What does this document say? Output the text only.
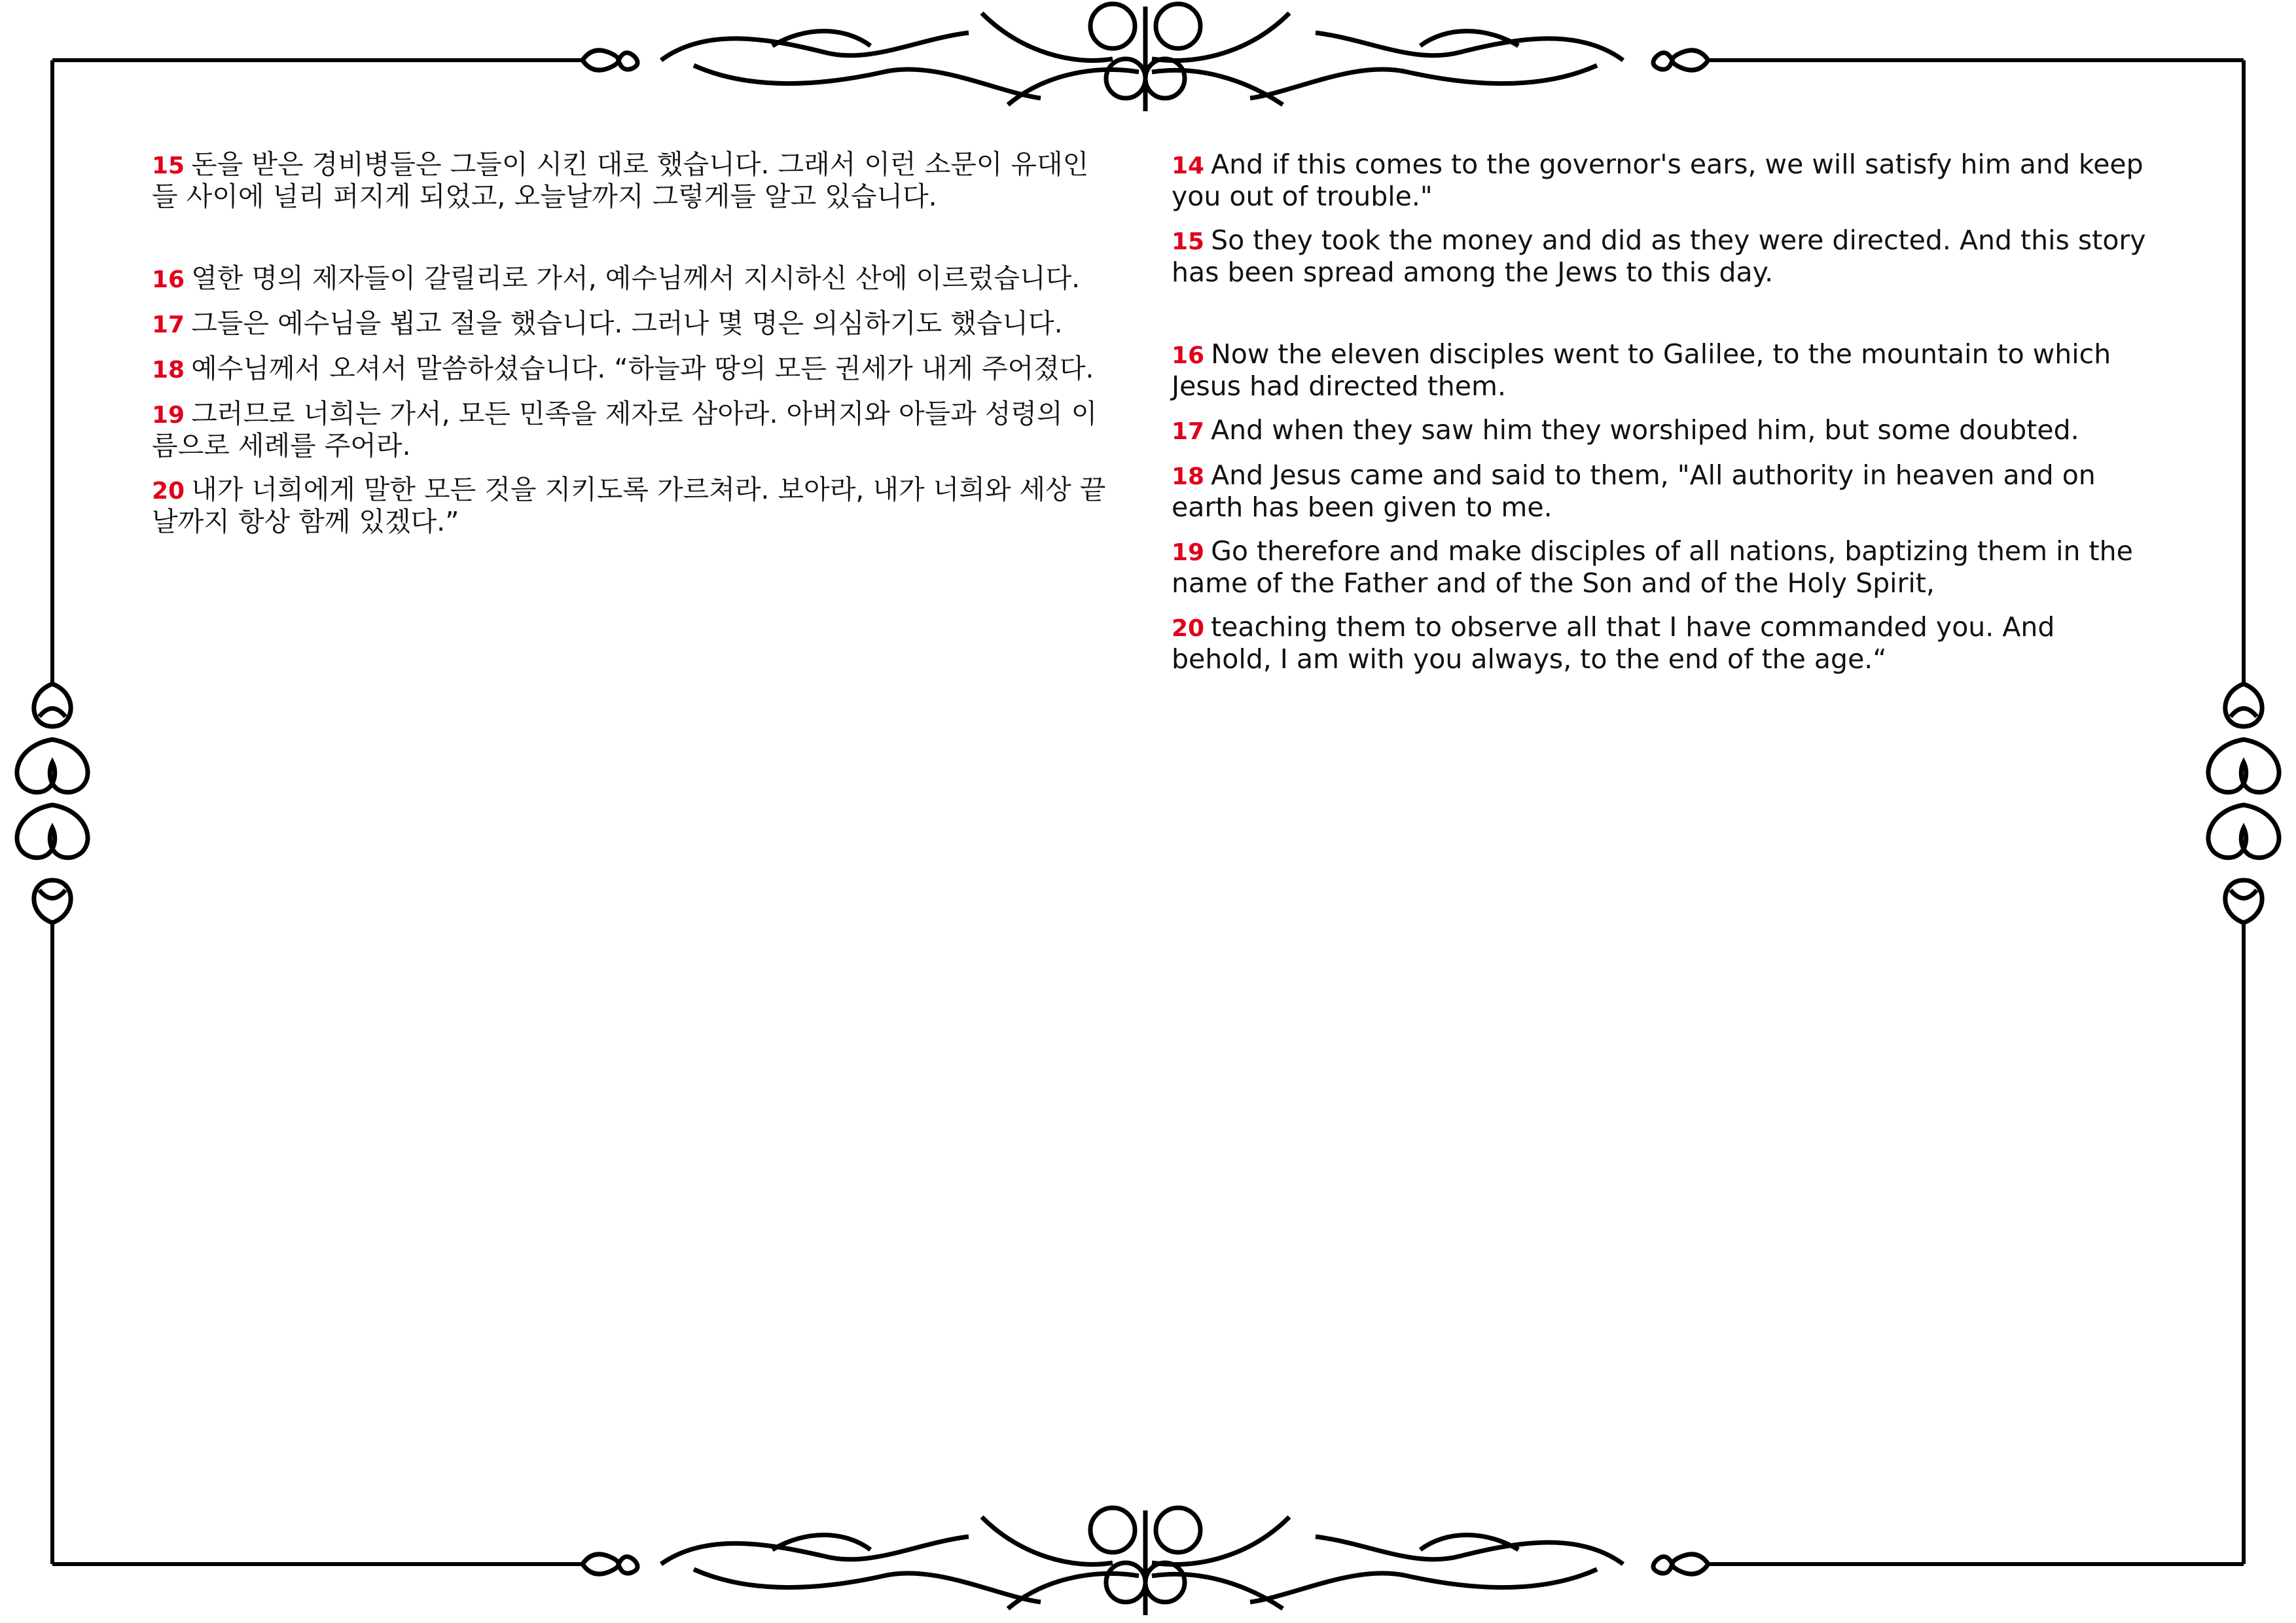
15 돈을 받은 경비병들은 그들이 시킨 대로 했습니다. 그래서 이런 소문이 유대인들 사이에 널리 퍼지게 되었고, 오늘날까지 그렇게들 알고 있습니다.

16 열한 명의 제자들이 갈릴리로 가서, 예수님께서 지시하신 산에 이르렀습니다.

17 그들은 예수님을 뵙고 절을 했습니다. 그러나 몇 명은 의심하기도 했습니다.

18 예수님께서 오셔서 말씀하셨습니다. “하늘과 땅의 모든 권세가 내게 주어졌다.

19 그러므로 너희는 가서, 모든 민족을 제자로 삼아라. 아버지와 아들과 성령의 이름으로 세례를 주어라.

20 내가 너희에게 말한 모든 것을 지키도록 가르쳐라. 보아라, 내가 너희와 세상 끝날까지 항상 함께 있겠다.”

14 And if this comes to the governor's ears, we will satisfy him and keep you out of trouble."

15 So they took the money and did as they were directed. And this story has been spread among the Jews to this day.

16 Now the eleven disciples went to Galilee, to the mountain to which Jesus had directed them.

17 And when they saw him they worshiped him, but some doubted.

18 And Jesus came and said to them, "All authority in heaven and on earth has been given to me.

19 Go therefore and make disciples of all nations, baptizing them in the name of the Father and of the Son and of the Holy Spirit,

20 teaching them to observe all that I have commanded you. And behold, I am with you always, to the end of the age.“
